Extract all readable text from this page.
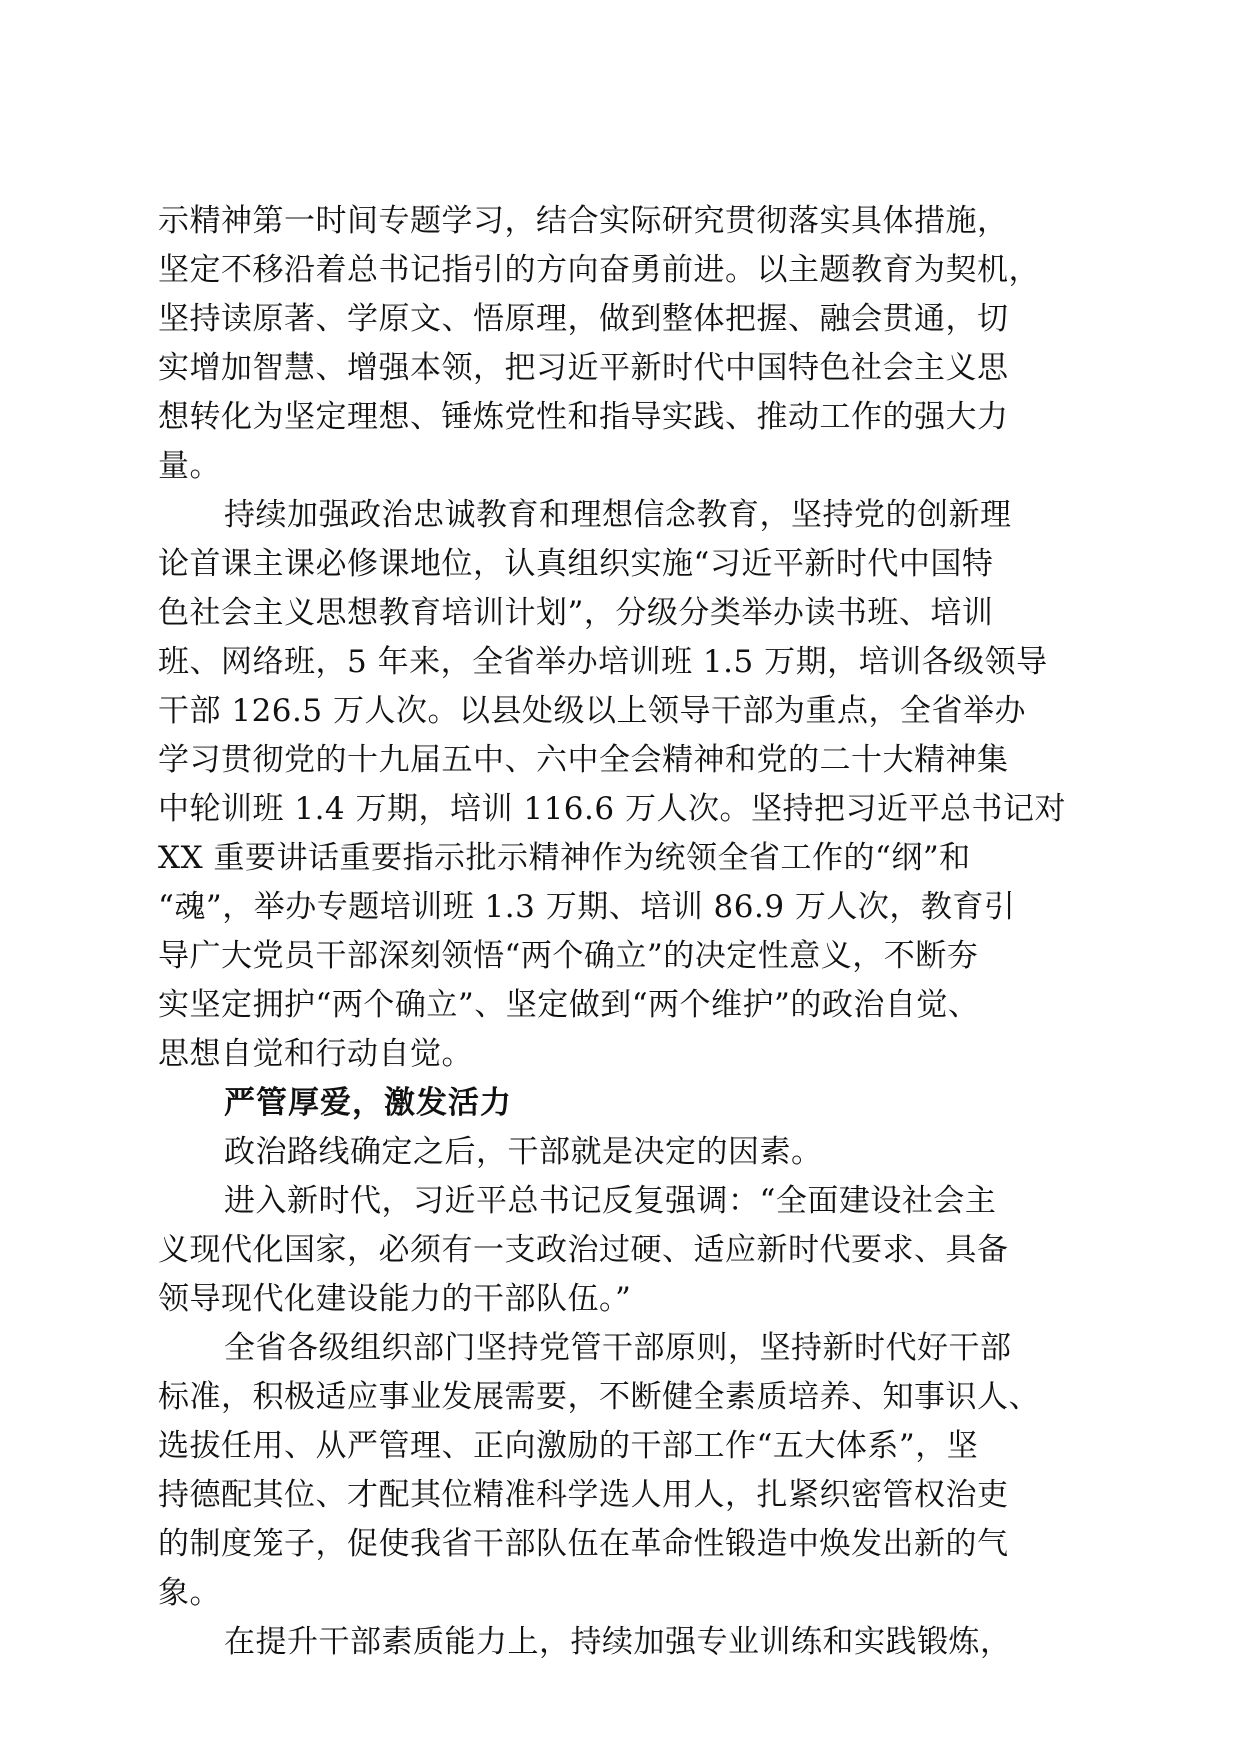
示精神第一时间专题学习，结合实际研究贯彻落实具体措施，
坚定不移沿着总书记指引的方向奋勇前进。以主题教育为契机，
坚持读原著、学原文、悟原理，做到整体把握、融会贯通，切
实增加智慧、增强本领，把习近平新时代中国特色社会主义思
想转化为坚定理想、锤炼党性和指导实践、推动工作的强大力
量。
持续加强政治忠诚教育和理想信念教育，坚持党的创新理
论首课主课必修课地位，认真组织实施“习近平新时代中国特
色社会主义思想教育培训计划”，分级分类举办读书班、培训
班、网络班，5 年来，全省举办培训班 1.5 万期，培训各级领导
干部 126.5 万人次。以县处级以上领导干部为重点，全省举办
学习贯彻党的十九届五中、六中全会精神和党的二十大精神集
中轮训班 1.4 万期，培训 116.6 万人次。坚持把习近平总书记对
XX 重要讲话重要指示批示精神作为统领全省工作的“纲”和
“魂”，举办专题培训班 1.3 万期、培训 86.9 万人次，教育引
导广大党员干部深刻领悟“两个确立”的决定性意义，不断夯
实坚定拥护“两个确立”、坚定做到“两个维护”的政治自觉、
思想自觉和行动自觉。
严管厚爱，激发活力
政治路线确定之后，干部就是决定的因素。
进入新时代，习近平总书记反复强调：“全面建设社会主
义现代化国家，必须有一支政治过硬、适应新时代要求、具备
领导现代化建设能力的干部队伍。”
全省各级组织部门坚持党管干部原则，坚持新时代好干部
标准，积极适应事业发展需要，不断健全素质培养、知事识人、
选拔任用、从严管理、正向激励的干部工作“五大体系”，坚
持德配其位、才配其位精准科学选人用人，扎紧织密管权治吏
的制度笼子，促使我省干部队伍在革命性锻造中焕发出新的气
象。
在提升干部素质能力上，持续加强专业训练和实践锻炼，
